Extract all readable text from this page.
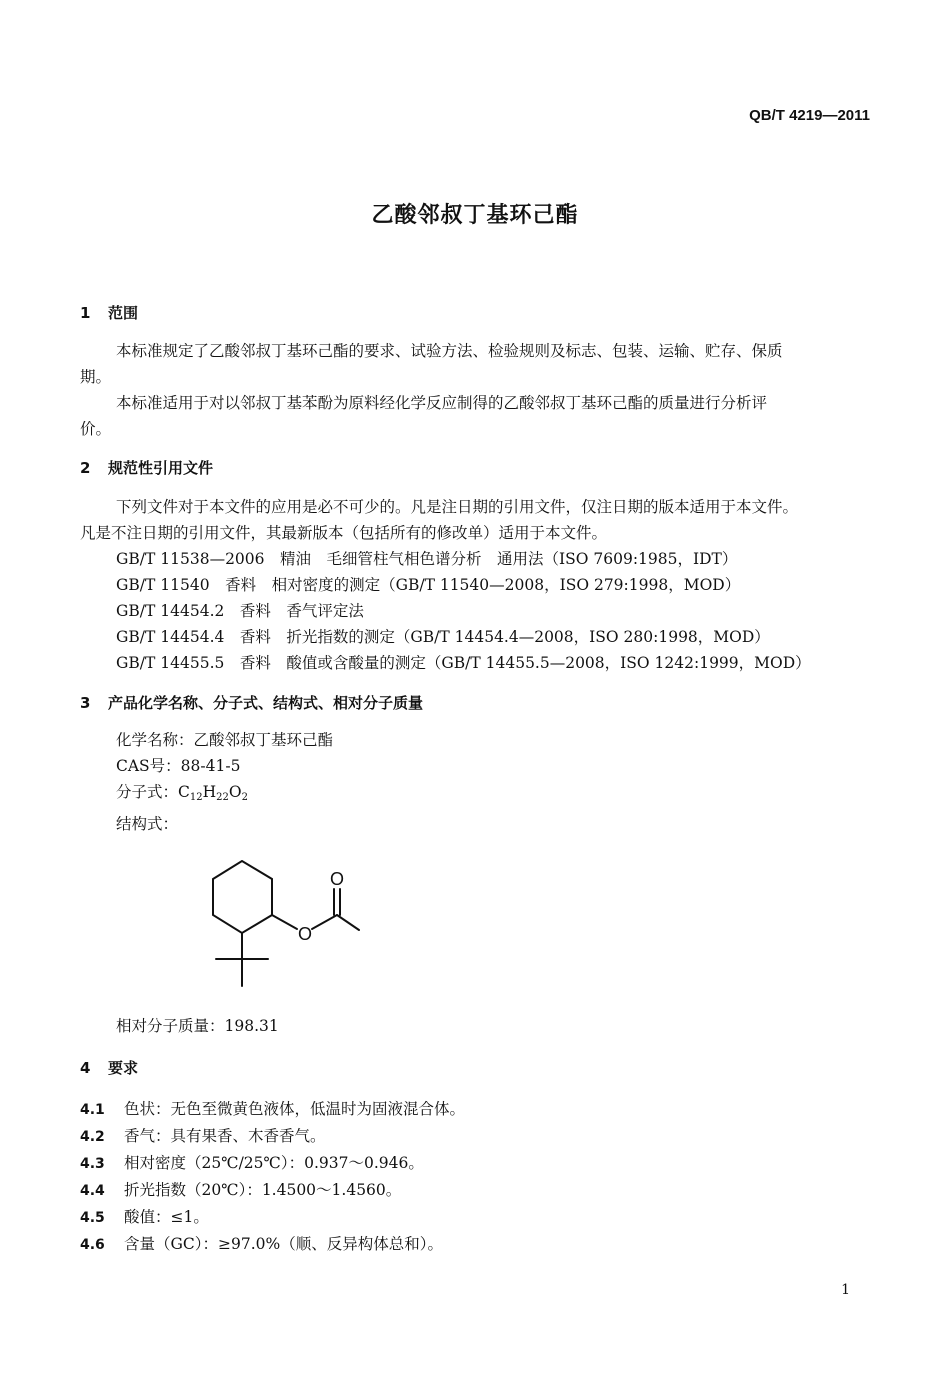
QB/T 4219—2011
乙酸邻叔丁基环己酯
1 范围
本标准规定了乙酸邻叔丁基环己酯的要求、试验方法、检验规则及标志、包装、运输、贮存、保质
期。
本标准适用于对以邻叔丁基苯酚为原料经化学反应制得的乙酸邻叔丁基环己酯的质量进行分析评
价。
2 规范性引用文件
下列文件对于本文件的应用是必不可少的。凡是注日期的引用文件，仅注日期的版本适用于本文件。
凡是不注日期的引用文件，其最新版本（包括所有的修改单）适用于本文件。
GB/T 11538—2006　精油　毛细管柱气相色谱分析　通用法（ISO 7609:1985，IDT）
GB/T 11540　香料　相对密度的测定（GB/T 11540—2008，ISO 279:1998，MOD）
GB/T 14454.2　香料　香气评定法
GB/T 14454.4　香料　折光指数的测定（GB/T 14454.4—2008，ISO 280:1998，MOD）
GB/T 14455.5　香料　酸值或含酸量的测定（GB/T 14455.5—2008，ISO 1242:1999，MOD）
3 产品化学名称、分子式、结构式、相对分子质量
化学名称：乙酸邻叔丁基环己酯
CAS号：88-41-5
分子式：$C_{12}H_{22}O_2$
结构式：
O
O
相对分子质量：198.31
4 要求
4.1 色状：无色至微黄色液体，低温时为固液混合体。
4.2 香气：具有果香、木香香气。
4.3 相对密度（25℃/25℃）：0.937～0.946。
4.4 折光指数（20℃）：1.4500～1.4560。
4.5 酸值：≤1。
4.6 含量（GC）：≥97.0%（顺、反异构体总和）。
1
